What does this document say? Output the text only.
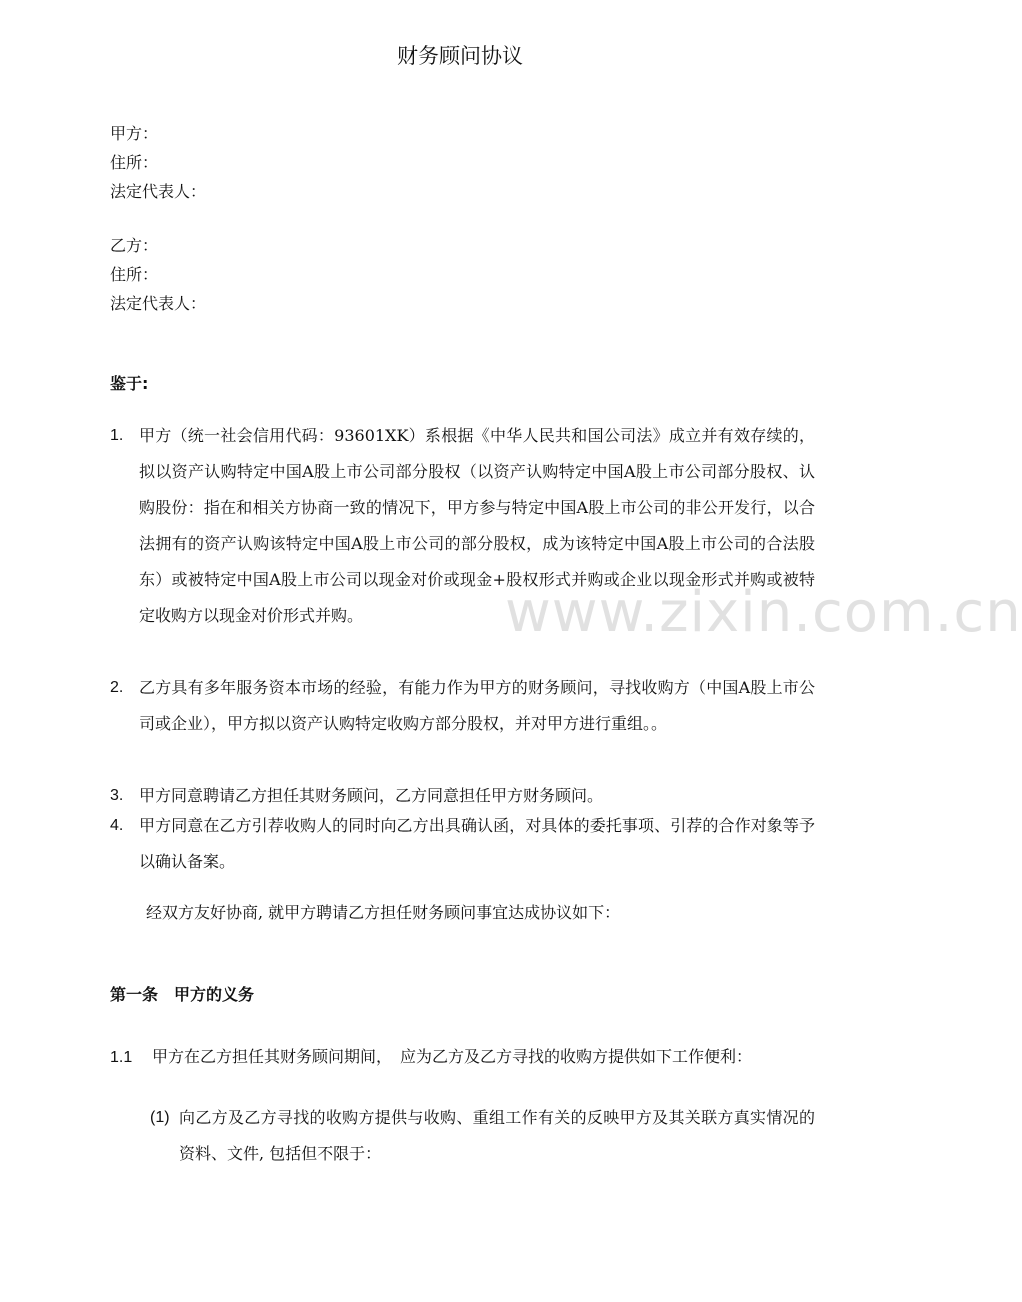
财务顾问协议
甲方：
住所：
法定代表人：
乙方：
住所：
法定代表人：
鉴于:
1. 甲方（统一社会信用代码：93601XK）系根据《中华人民共和国公司法》成立并有效存续的，拟以资产认购特定中国A股上市公司部分股权（以资产认购特定中国A股上市公司部分股权、认购股份：指在和相关方协商一致的情况下，甲方参与特定中国A股上市公司的非公开发行，以合法拥有的资产认购该特定中国A股上市公司的部分股权，成为该特定中国A股上市公司的合法股东）或被特定中国A股上市公司以现金对价或现金+股权形式并购或企业以现金形式并购或被特定收购方以现金对价形式并购。
2. 乙方具有多年服务资本市场的经验，有能力作为甲方的财务顾问，寻找收购方（中国A股上市公司或企业），甲方拟以资产认购特定收购方部分股权，并对甲方进行重组。。
3. 甲方同意聘请乙方担任其财务顾问，乙方同意担任甲方财务顾问。
4. 甲方同意在乙方引荐收购人的同时向乙方出具确认函，对具体的委托事项、引荐的合作对象等予以确认备案。
经双方友好协商, 就甲方聘请乙方担任财务顾问事宜达成协议如下：
第一条　甲方的义务
1.1 甲方在乙方担任其财务顾问期间，　应为乙方及乙方寻找的收购方提供如下工作便利：
(1) 向乙方及乙方寻找的收购方提供与收购、重组工作有关的反映甲方及其关联方真实情况的资料、文件, 包括但不限于：
www.zixin.com.cn
